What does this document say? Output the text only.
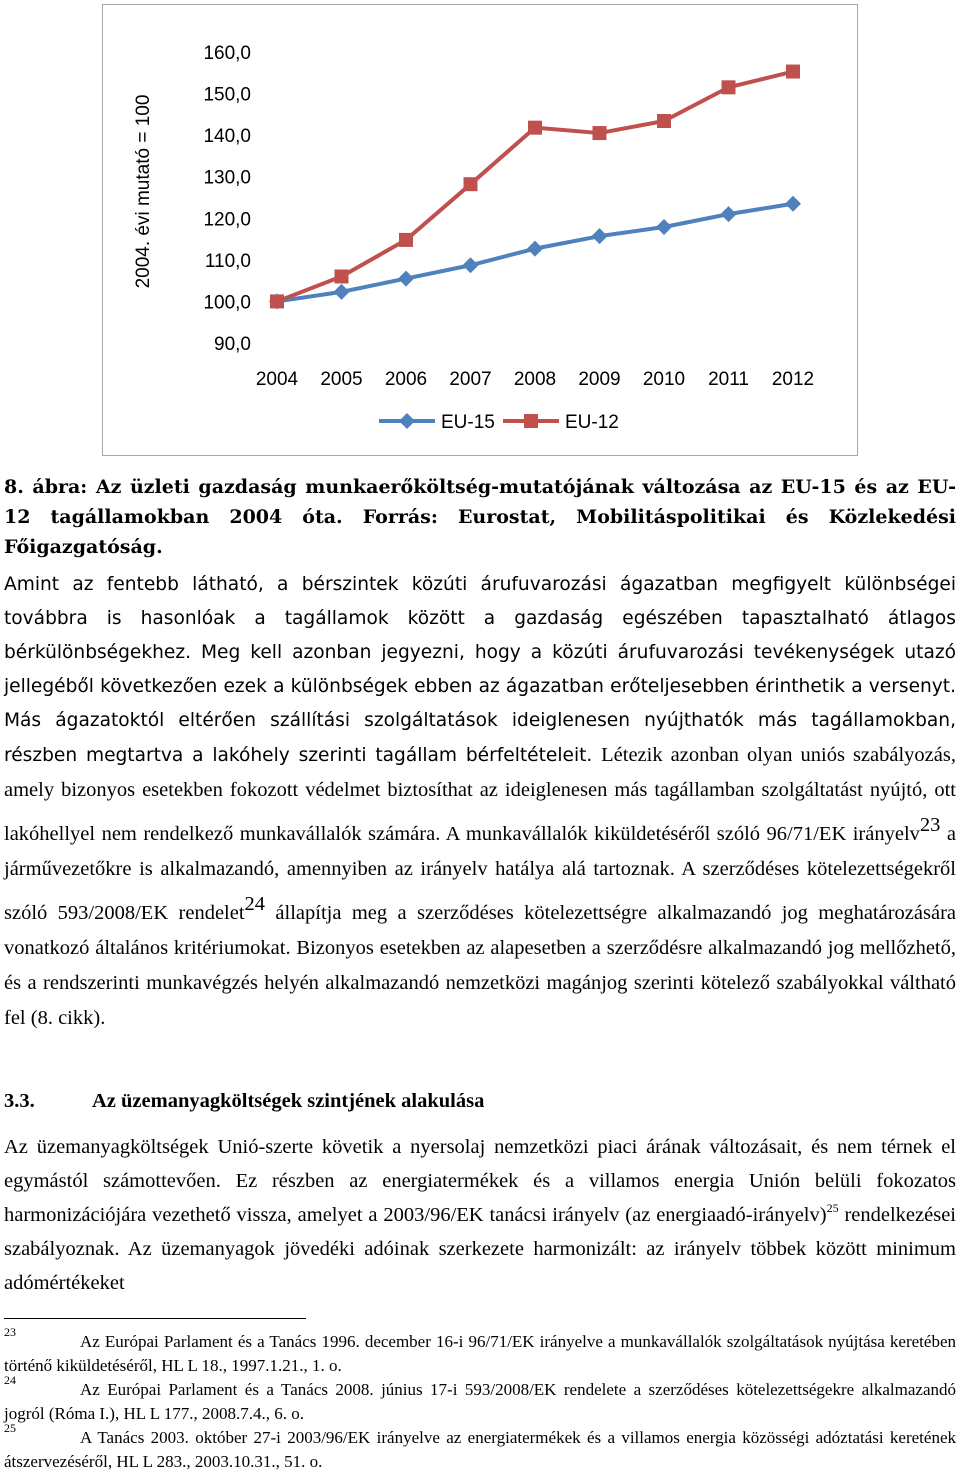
2004. évi mutató = 100
160,0
150,0
140,0
130,0
120,0
110,0
100,0
90,0
2004 2005 2006 2007 2008 2009 2010 2011 2012
EU-15	EU-12
8. ábra: Az üzleti gazdaság munkaerőköltség-mutatójának változása az EU-15 és az EU-12 tagállamokban 2004 óta. Forrás: Eurostat, Mobilitáspolitikai és Közlekedési Főigazgatóság.
Amint az fentebb látható, a bérszintek közúti árufuvarozási ágazatban megfigyelt különbségei továbbra is hasonlóak a tagállamok között a gazdaság egészében tapasztalható átlagos bérkülönbségekhez. Meg kell azonban jegyezni, hogy a közúti árufuvarozási tevékenységek utazó jellegéből következően ezek a különbségek ebben az ágazatban erőteljesebben érinthetik a versenyt. Más ágazatoktól eltérően szállítási szolgáltatások ideiglenesen nyújthatók más tagállamokban, részben megtartva a lakóhely szerinti tagállam bérfeltételeit. Létezik azonban olyan uniós szabályozás, amely bizonyos esetekben fokozott védelmet biztosíthat az ideiglenesen más tagállamban szolgáltatást nyújtó, ott lakóhellyel nem rendelkező munkavállalók számára. A munkavállalók kiküldetéséről szóló 96/71/EK irányelv$^{23}$ a járművezetőkre is alkalmazandó, amennyiben az irányelv hatálya alá tartoznak. A szerződéses kötelezettségekről szóló 593/2008/EK rendelet$^{24}$ állapítja meg a szerződéses kötelezettségre alkalmazandó jog meghatározására vonatkozó általános kritériumokat. Bizonyos esetekben az alapesetben a szerződésre alkalmazandó jog mellőzhető, és a rendszerinti munkavégzés helyén alkalmazandó nemzetközi magánjog szerinti kötelező szabályokkal váltható fel (8. cikk).
3.3.	Az üzemanyagköltségek szintjének alakulása
Az üzemanyagköltségek Unió-szerte követik a nyersolaj nemzetközi piaci árának változásait, és nem térnek el egymástól számottevően. Ez részben az energiatermékek és a villamos energia Unión belüli fokozatos harmonizációjára vezethető vissza, amelyet a 2003/96/EK tanácsi irányelv (az energiaadó-irányelv)$^{25}$ rendelkezései szabályoznak. Az üzemanyagok jövedéki adóinak szerkezete harmonizált: az irányelv többek között minimum adómértékeket
23	Az Európai Parlament és a Tanács 1996. december 16-i 96/71/EK irányelve a munkavállalók szolgáltatások nyújtása keretében történő kiküldetéséről, HL L 18., 1997.1.21., 1. o.
24	Az Európai Parlament és a Tanács 2008. június 17-i 593/2008/EK rendelete a szerződéses kötelezettségekre alkalmazandó jogról (Róma I.), HL L 177., 2008.7.4., 6. o.
25	A Tanács 2003. október 27-i 2003/96/EK irányelve az energiatermékek és a villamos energia közösségi adóztatási keretének átszervezéséről, HL L 283., 2003.10.31., 51. o.
